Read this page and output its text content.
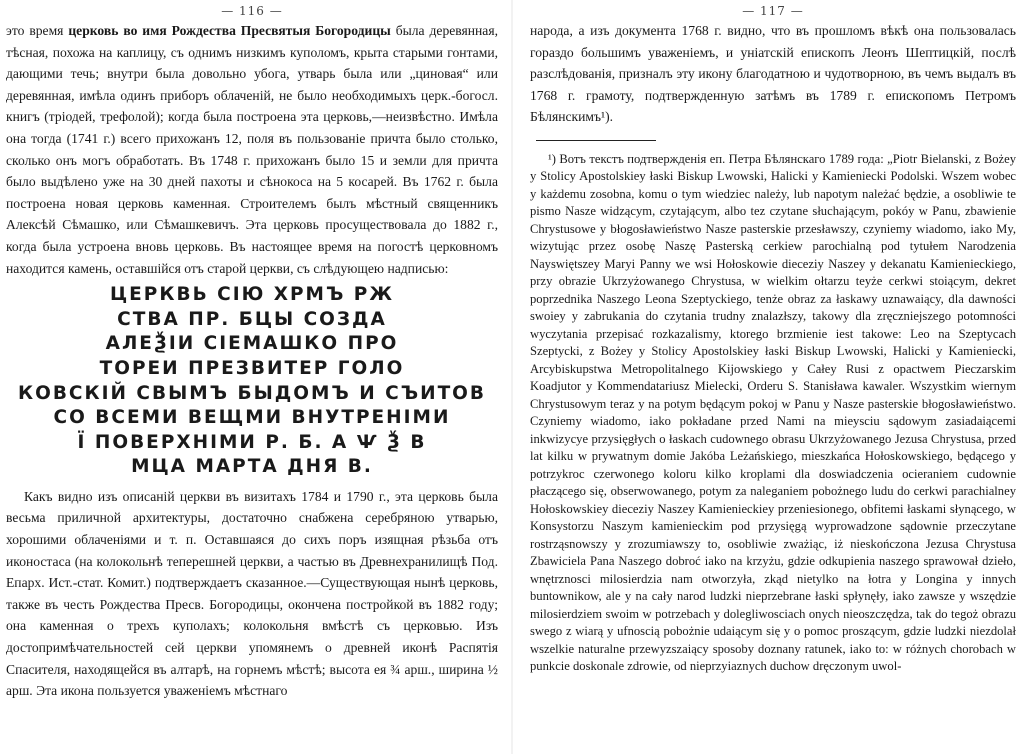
— 116 —

это время церковь во имя Рождества Пресвятыя Богородицы была деревянная, тѣсная, похожа на каплицу, съ однимъ низкимъ куполомъ, крыта старыми гонтами, дающими течь; внутри была довольно убога, утварь была или „циновая“ или деревянная, имѣла одинъ приборъ облаченій, не было необходимыхъ церк.-богосл. книгъ (тріодей, трефолой); когда была построена эта церковь,—неизвѣстно. Имѣла она тогда (1741 г.) всего прихожанъ 12, поля въ пользованіе причта было столько, сколько онъ могъ обработать. Въ 1748 г. прихожанъ было 15 и земли для причта было выдѣлено уже на 30 дней пахоты и сѣнокоса на 5 косарей. Въ 1762 г. была построена новая церковь каменная. Строителемъ былъ мѣстный священникъ Алексѣй Сѣмашко, или Сѣмашкевичъ. Эта церковь просуществовала до 1882 г., когда была устроена вновь церковь. Въ настоящее время на погостѣ церковномъ находится камень, оставшійся отъ старой церкви, съ слѣдующею надписью:

ЦЕРКВЬ СІЮ ХРМЪ РЖ
СТВА ПР. БЦЫ СОЗДА
АЛЕѮІИ СІЕМАШКО ПРО
ТОРЕИ ПРЕЗВИТЕР ГОЛО
КОВСКІЙ СВЫМЪ БЫДОМЪ И СЪИТОВ
СО ВСЕМИ ВЕЩМИ ВНУТРЕНІМИ
Ї ПОВЕРХНІМИ Р. Б. А Ѱ Ѯ В
МЦА МАРТА ДНЯ В.

Какъ видно изъ описаній церкви въ визитахъ 1784 и 1790 г., эта церковь была весьма приличной архитектуры, достаточно снабжена серебряною утварью, хорошими облаченіями и т. п. Оставшаяся до сихъ поръ изящная рѣзьба отъ иконостаса (на колокольнѣ теперешней церкви, а частью въ Древнехранилищѣ Под. Епарх. Ист.-стат. Комит.) подтверждаетъ сказанное.—Существующая нынѣ церковь, также въ честь Рождества Пресв. Богородицы, окончена постройкой въ 1882 году; она каменная о трехъ куполахъ; колокольня вмѣстѣ съ церковью. Изъ достопримѣчательностей сей церкви упомянемъ о древней иконѣ Распятія Спасителя, находящейся въ алтарѣ, на горнемъ мѣстѣ; высота ея ¾ арш., ширина ½ арш. Эта икона пользуется уваженіемъ мѣстнаго

— 117 —

народа, а изъ документа 1768 г. видно, что въ прошломъ вѣкѣ она пользовалась гораздо большимъ уваженіемъ, и уніатскій епископъ Леонъ Шептицкій, послѣ разслѣдованія, призналъ эту икону благодатною и чудотворною, въ чемъ выдалъ въ 1768 г. грамоту, подтвержденную затѣмъ въ 1789 г. епископомъ Петромъ Бѣлянскимъ¹).

¹) Вотъ текстъ подтвержденія еп. Петра Бѣлянскаго 1789 года: „Piotr Bielanski, z Bożey y Stolicy Apostolskiey łaski Biskup Lwowski, Halicki y Kamieniecki Podolski. Wszem wobec y każdemu zosobna, komu o tym wiedziec należy, lub napotym należać będzie, a osobliwie te pismo Nasze widzącym, czytającym, albo tez czytane słuchającym, pokóy w Panu, zbawienie Chrystusowe y błogosławieństwo Nasze pasterskie przesławszy, czyniemy wiadomo, iako My, wizytując przez osobę Naszę Pasterską cerkiew parochialną pod tytułem Narodzenia Nayswiętszey Maryi Panny we wsi Hołoskowie dieceziy Naszey y dekanatu Kamienieckiego, przy obrazie Ukrzyżowanego Chrystusa, w wielkim ołtarzu teyże cerkwi stoiącym, dekret poprzednika Naszego Leona Szeptyckiego, tenże obraz za łaskawy uznawaiący, dla dawności swoiey y zabrukania do czytania trudny znalazłszy, takowy dla zręczniejszego potomności wyczytania przepisać rozkazalismy, ktorego brzmienie iest takowe: Leo na Szeptycach Szeptycki, z Bożey y Stolicy Apostolskiey łaski Biskup Lwowski, Halicki y Kamieniecki, Arcybiskupstwa Metropolitalnego Kijowskiego y Całey Rusi z opactwem Pieczarskim Koadjutor y Kommendatariusz Mielecki, Orderu S. Stanisława kawaler. Wszystkim wiernym Chrystusowym teraz y na potym będącym pokoj w Panu y Nasze pasterskie błogosławieństwo. Czyniemy wiadomo, iako pokładane przed Nami na mieysciu sądowym zasiadaiącemi inkwizycye przysięgłych o łaskach cudownego obrasu Ukrzyżowanego Jezusa Chrystusa, przed lat kilku w prywatnym domie Jakóba Leżańskiego, mieszkańca Hołoskowskiego, będącego y potrzykroc czerwonego koloru kilko kroplami dla doswiadczenia ocieraniem cudownie płaczącego się, obserwowanego, potym za naleganiem pobożnego ludu do cerkwi parachialney Hołoskowskiey dieceziy Naszey Kamienieckiey przeniesionego, obfitemi łaskami słynącego, w Konsystorzu Naszym kamienieckim pod przysięgą wyprowadzone sądownie przeczytane rostrząsnowszy y zrozumiawszy to, osobliwie zważiąc, iż nieskończona Jezusa Chrystusa Zbawiciela Pana Naszego dobroć iako na krzyżu, gdzie odkupienia naszego sprawował dzieło, wnętrznosci milosierdzia nam otworzyła, zkąd nietylko na łotra y Longina y innych buntownikow, ale y na cały narod ludzki nieprzebrane łaski spłynęły, iako zawsze y wszędzie milosierdziem swoim w potrzebach y dolegliwosciach onych nieoszczędza, tak do tegoż obrazu swego z wiarą y ufnoscią pobożnie udaiącym się y o pomoc proszącym, gdzie ludzki niezdolał wszelkie naturalne przewyzszaiący sposoby doznany ratunek, iako to: w różnych chorobach w punkcie doskonale zdrowie, od nieprzyiaznych duchow dręczonym uwol-
